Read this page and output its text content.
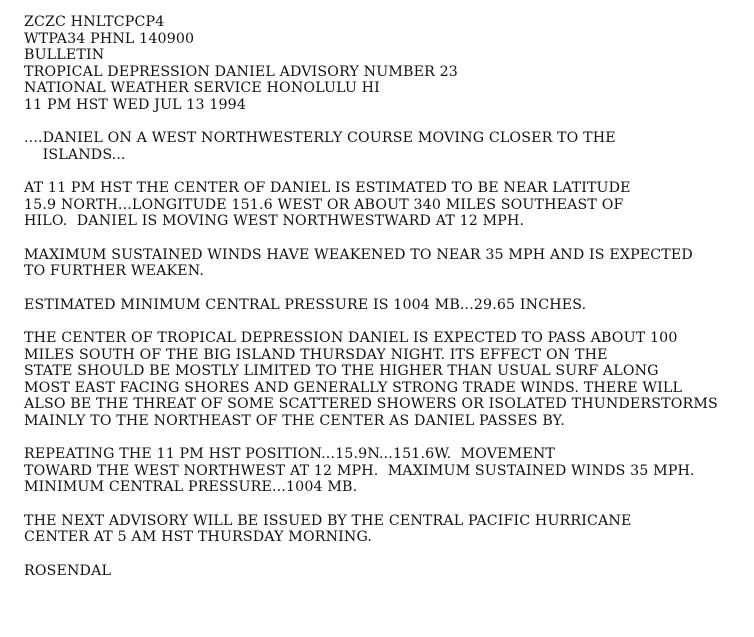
ZCZC HNLTCPCP4
WTPA34 PHNL 140900
BULLETIN
TROPICAL DEPRESSION DANIEL ADVISORY NUMBER 23
NATIONAL WEATHER SERVICE HONOLULU HI
11 PM HST WED JUL 13 1994
....DANIEL ON A WEST NORTHWESTERLY COURSE MOVING CLOSER TO THE
ISLANDS...
AT 11 PM HST THE CENTER OF DANIEL IS ESTIMATED TO BE NEAR LATITUDE
15.9 NORTH...LONGITUDE 151.6 WEST OR ABOUT 340 MILES SOUTHEAST OF
HILO.  DANIEL IS MOVING WEST NORTHWESTWARD AT 12 MPH.
MAXIMUM SUSTAINED WINDS HAVE WEAKENED TO NEAR 35 MPH AND IS EXPECTED
TO FURTHER WEAKEN.
ESTIMATED MINIMUM CENTRAL PRESSURE IS 1004 MB...29.65 INCHES.
THE CENTER OF TROPICAL DEPRESSION DANIEL IS EXPECTED TO PASS ABOUT 100
MILES SOUTH OF THE BIG ISLAND THURSDAY NIGHT. ITS EFFECT ON THE
STATE SHOULD BE MOSTLY LIMITED TO THE HIGHER THAN USUAL SURF ALONG
MOST EAST FACING SHORES AND GENERALLY STRONG TRADE WINDS. THERE WILL
ALSO BE THE THREAT OF SOME SCATTERED SHOWERS OR ISOLATED THUNDERSTORMS
MAINLY TO THE NORTHEAST OF THE CENTER AS DANIEL PASSES BY.
REPEATING THE 11 PM HST POSITION...15.9N...151.6W.  MOVEMENT
TOWARD THE WEST NORTHWEST AT 12 MPH.  MAXIMUM SUSTAINED WINDS 35 MPH.
MINIMUM CENTRAL PRESSURE...1004 MB.
THE NEXT ADVISORY WILL BE ISSUED BY THE CENTRAL PACIFIC HURRICANE
CENTER AT 5 AM HST THURSDAY MORNING.
ROSENDAL
